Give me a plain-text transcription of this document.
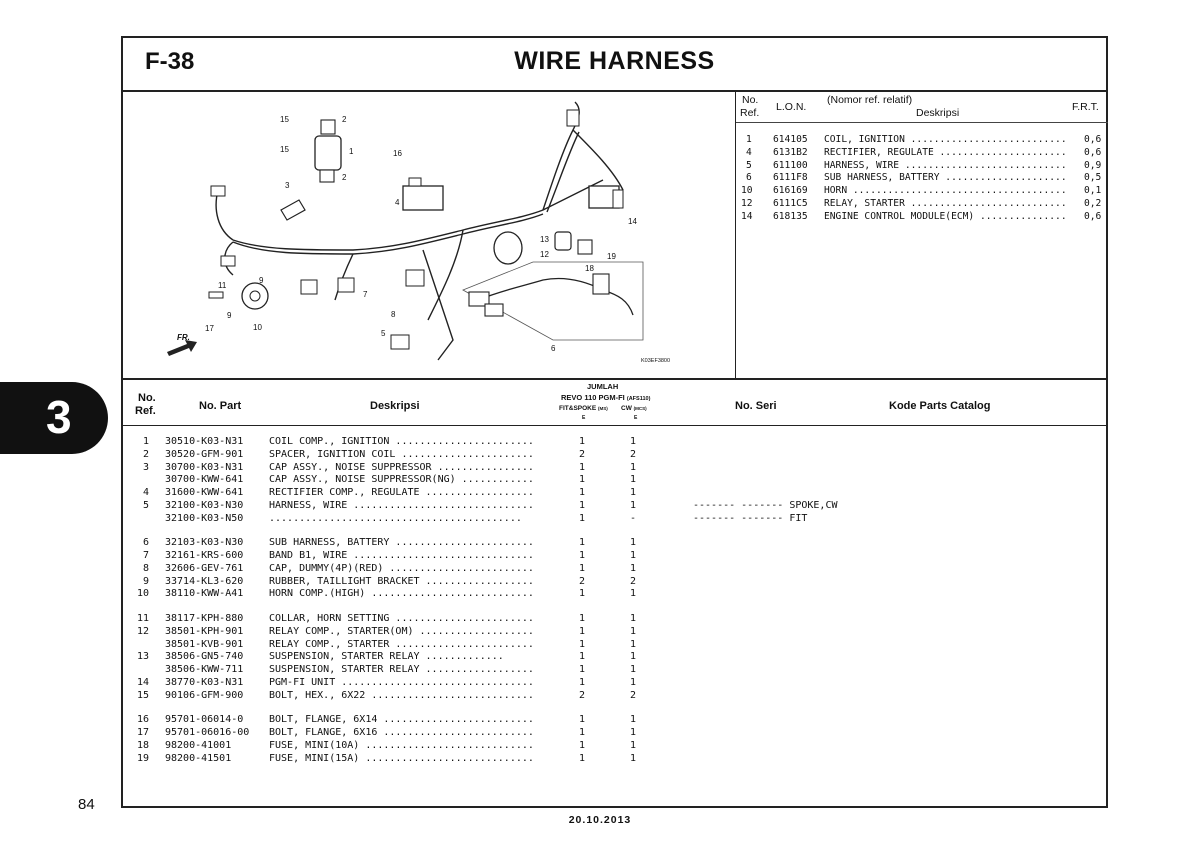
3
F-38	WIRE HARNESS
15	2
15	1	16
3
2
4
14
13
12	19
18
11
9
9
7
8
17	10
5
6
FR.
K03EF3800
No.
Ref. L.O.N.
(Nomor ref. relatif)
Deskripsi	F.R.T.
1 614105 COIL, IGNITION ........................... 0,6
4 6131B2 RECTIFIER, REGULATE ...................... 0,6
5 611100 HARNESS, WIRE ............................ 0,9
6 6111F8 SUB HARNESS, BATTERY ..................... 0,5
10 616169 HORN ..................................... 0,1
12 6111C5 RELAY, STARTER ........................... 0,2
14 618135 ENGINE CONTROL MODULE(ECM) ............... 0,6
No.
Ref.	No. Part	Deskripsi
JUMLAH
REVO 110 PGM-FI (AFS110)
FIT&SPOKE (MS) CW (MCS)
E	E
No. Seri	Kode Parts Catalog
1 30510-K03-N31	COIL COMP., IGNITION .......................	1	1
2 30520-GFM-901	SPACER, IGNITION COIL ......................	2	2
3 30700-K03-N31	CAP ASSY., NOISE SUPPRESSOR ................	1	1
30700-KWW-641	CAP ASSY., NOISE SUPPRESSOR(NG) ............	1	1
4 31600-KWW-641	RECTIFIER COMP., REGULATE ..................	1	1
5 32100-K03-N30	HARNESS, WIRE ..............................	1	1	------- ------- SPOKE,CW
32100-K03-N50	..........................................	1	-	------- ------- FIT
6 32103-K03-N30	SUB HARNESS, BATTERY .......................	1	1
7 32161-KRS-600	BAND B1, WIRE ..............................	1	1
8 32606-GEV-761	CAP, DUMMY(4P)(RED) ........................	1	1
9 33714-KL3-620	RUBBER, TAILLIGHT BRACKET ..................	2	2
10 38110-KWW-A41	HORN COMP.(HIGH) ...........................	1	1
11 38117-KPH-880	COLLAR, HORN SETTING .......................	1	1
12 38501-KPH-901	RELAY COMP., STARTER(OM) ...................	1	1
38501-KVB-901	RELAY COMP., STARTER .......................	1	1
13 38506-GN5-740	SUSPENSION, STARTER RELAY .............	1	1
38506-KWW-711	SUSPENSION, STARTER RELAY ..................	1	1
14 38770-K03-N31	PGM-FI UNIT ................................	1	1
15 90106-GFM-900	BOLT, HEX., 6X22 ...........................	2	2
16 95701-06014-0	BOLT, FLANGE, 6X14 .........................	1	1
17 95701-06016-00 BOLT, FLANGE, 6X16 .........................	1	1
18 98200-41001	FUSE, MINI(10A) ............................	1	1
19 98200-41501	FUSE, MINI(15A) ............................	1	1
84
20.10.2013
